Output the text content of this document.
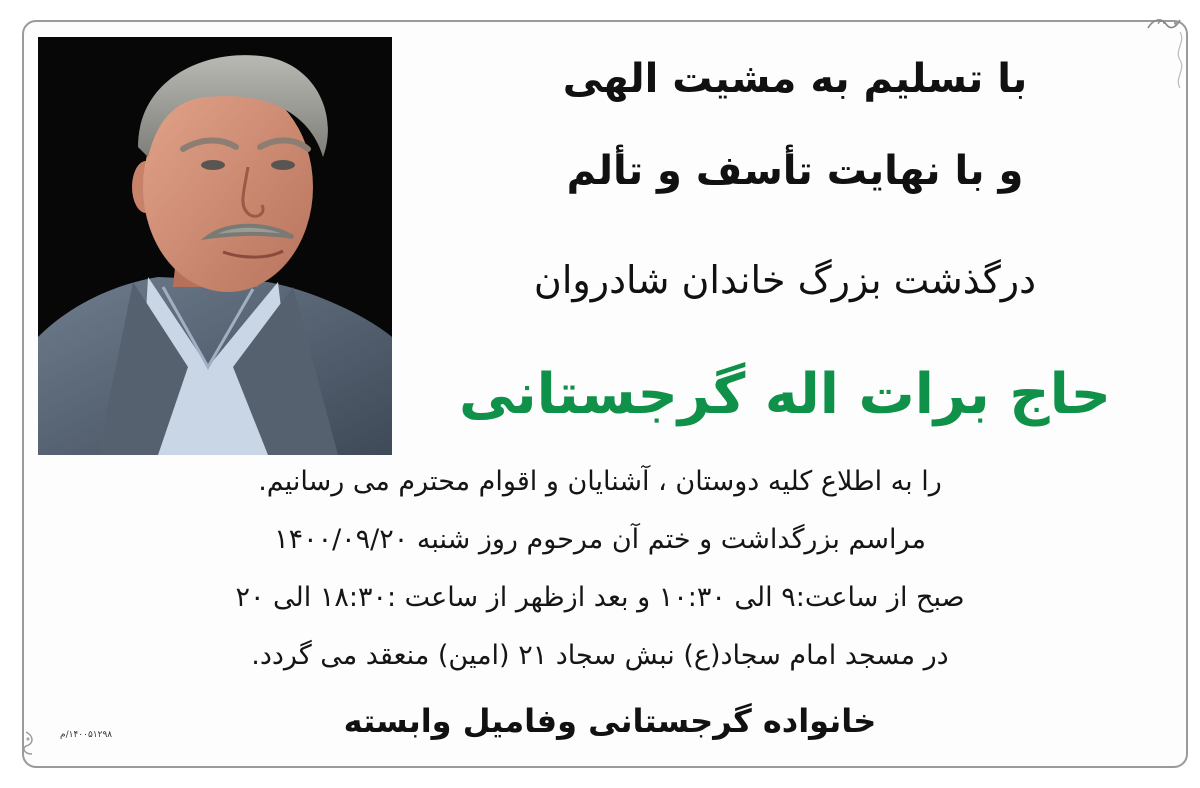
با تسلیم به مشیت الهی
و با نهایت تأسف و تألم
درگذشت بزرگ خاندان شادروان
حاج برات اله گرجستانی
را به اطلاع کلیه دوستان ، آشنایان و اقوام محترم می رسانیم.
مراسم بزرگداشت و ختم آن مرحوم روز شنبه ۱۴۰۰/۰۹/۲۰
صبح از ساعت:۹ الی ۱۰:۳۰ و بعد ازظهر از ساعت :۱۸:۳۰ الی ۲۰
در مسجد امام سجاد(ع) نبش سجاد ۲۱ (امین) منعقد می گردد.
خانواده گرجستانی وفامیل وابسته
۱۴۰۰۵۱۲۹۸/م
